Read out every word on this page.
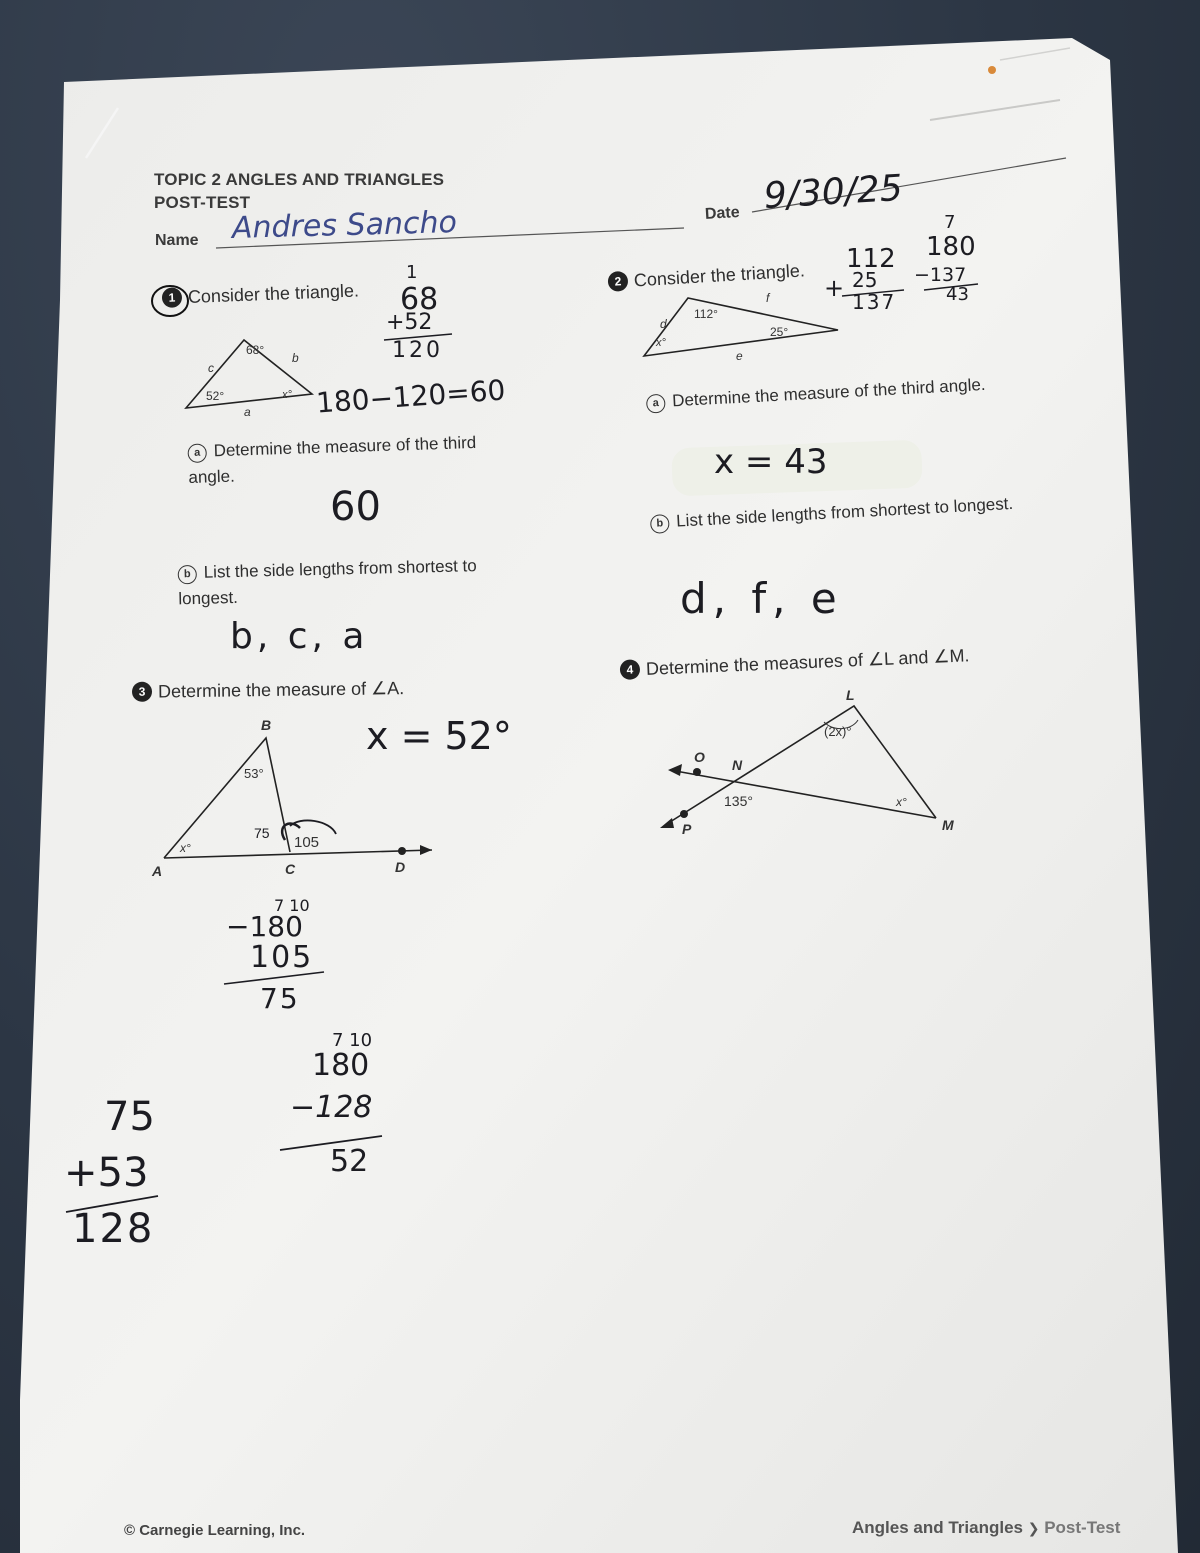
TOPIC 2 ANGLES AND TRIANGLES
POST-TEST
Name Andres Sancho	Date 9/30/25
1 Consider the triangle.
68°
52°	x°
c
b
a
1
68
+52
120
180−120=60
a Determine the measure of the third angle.
60
b List the side lengths from shortest to longest.
b, c, a
2 Consider the triangle.
x°
112°
25°
d
f
e
112
+ 25
137
7
180
−137
43
a Determine the measure of the third angle.
x = 43
b List the side lengths from shortest to longest.
d, f, e
3 Determine the measure of ∠A.
x = 52°
B
A	C	D
53°
x°	105
75
7 10
−180
105
75
7 10
180
−128
52
75
+53
128
4 Determine the measures of ∠L and ∠M.
L
M
N
O
P
(2x)°
135°	x°
© Carnegie Learning, Inc.	Angles and Triangles ❯ Post-Test
